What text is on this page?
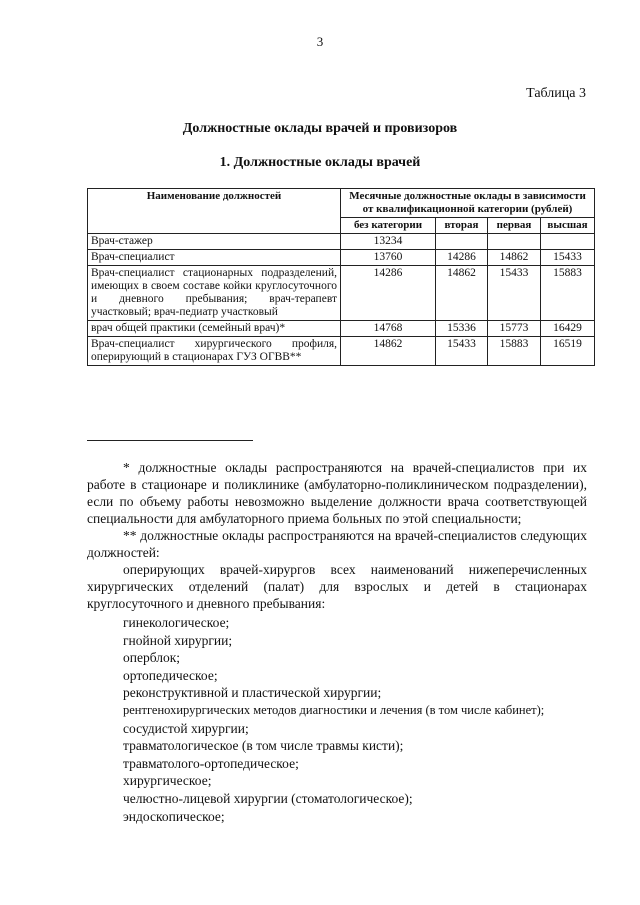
3
Таблица 3
Должностные оклады врачей и провизоров
1. Должностные оклады врачей
Наименование должностей	Месячные должностные оклады в зависимости от квалификационной категории (рублей)			
	без категории	вторая	первая	высшая
Врач-стажер	13234			
Врач-специалист	13760	14286	14862	15433
Врач-специалист стационарных подразделений, имеющих в своем составе койки круглосуточного и дневного пребывания; врач-терапевт участковый; врач-педиатр участковый	14286	14862	15433	15883
врач общей практики (семейный врач)*	14768	15336	15773	16429
Врач-специалист хирургического профиля, оперирующий в стационарах ГУЗ ОГВВ**	14862	15433	15883	16519

* должностные оклады распространяются на врачей-специалистов при их работе в стационаре и поликлинике (амбулаторно-поликлиническом подразделении), если по объему работы невозможно выделение должности врача соответствующей специальности для амбулаторного приема больных по этой специальности;

** должностные оклады распространяются на врачей-специалистов следующих должностей:

оперирующих врачей-хирургов всех наименований нижеперечисленных хирургических отделений (палат) для взрослых и детей в стационарах круглосуточного и дневного пребывания:

гинекологическое;
гнойной хирургии;
оперблок;
ортопедическое;
реконструктивной и пластической хирургии;
рентгенохирургических методов диагностики и лечения (в том числе кабинет);
сосудистой хирургии;
травматологическое (в том числе травмы кисти);
травматолого-ортопедическое;
хирургическое;
челюстно-лицевой хирургии (стоматологическое);
эндоскопическое;
